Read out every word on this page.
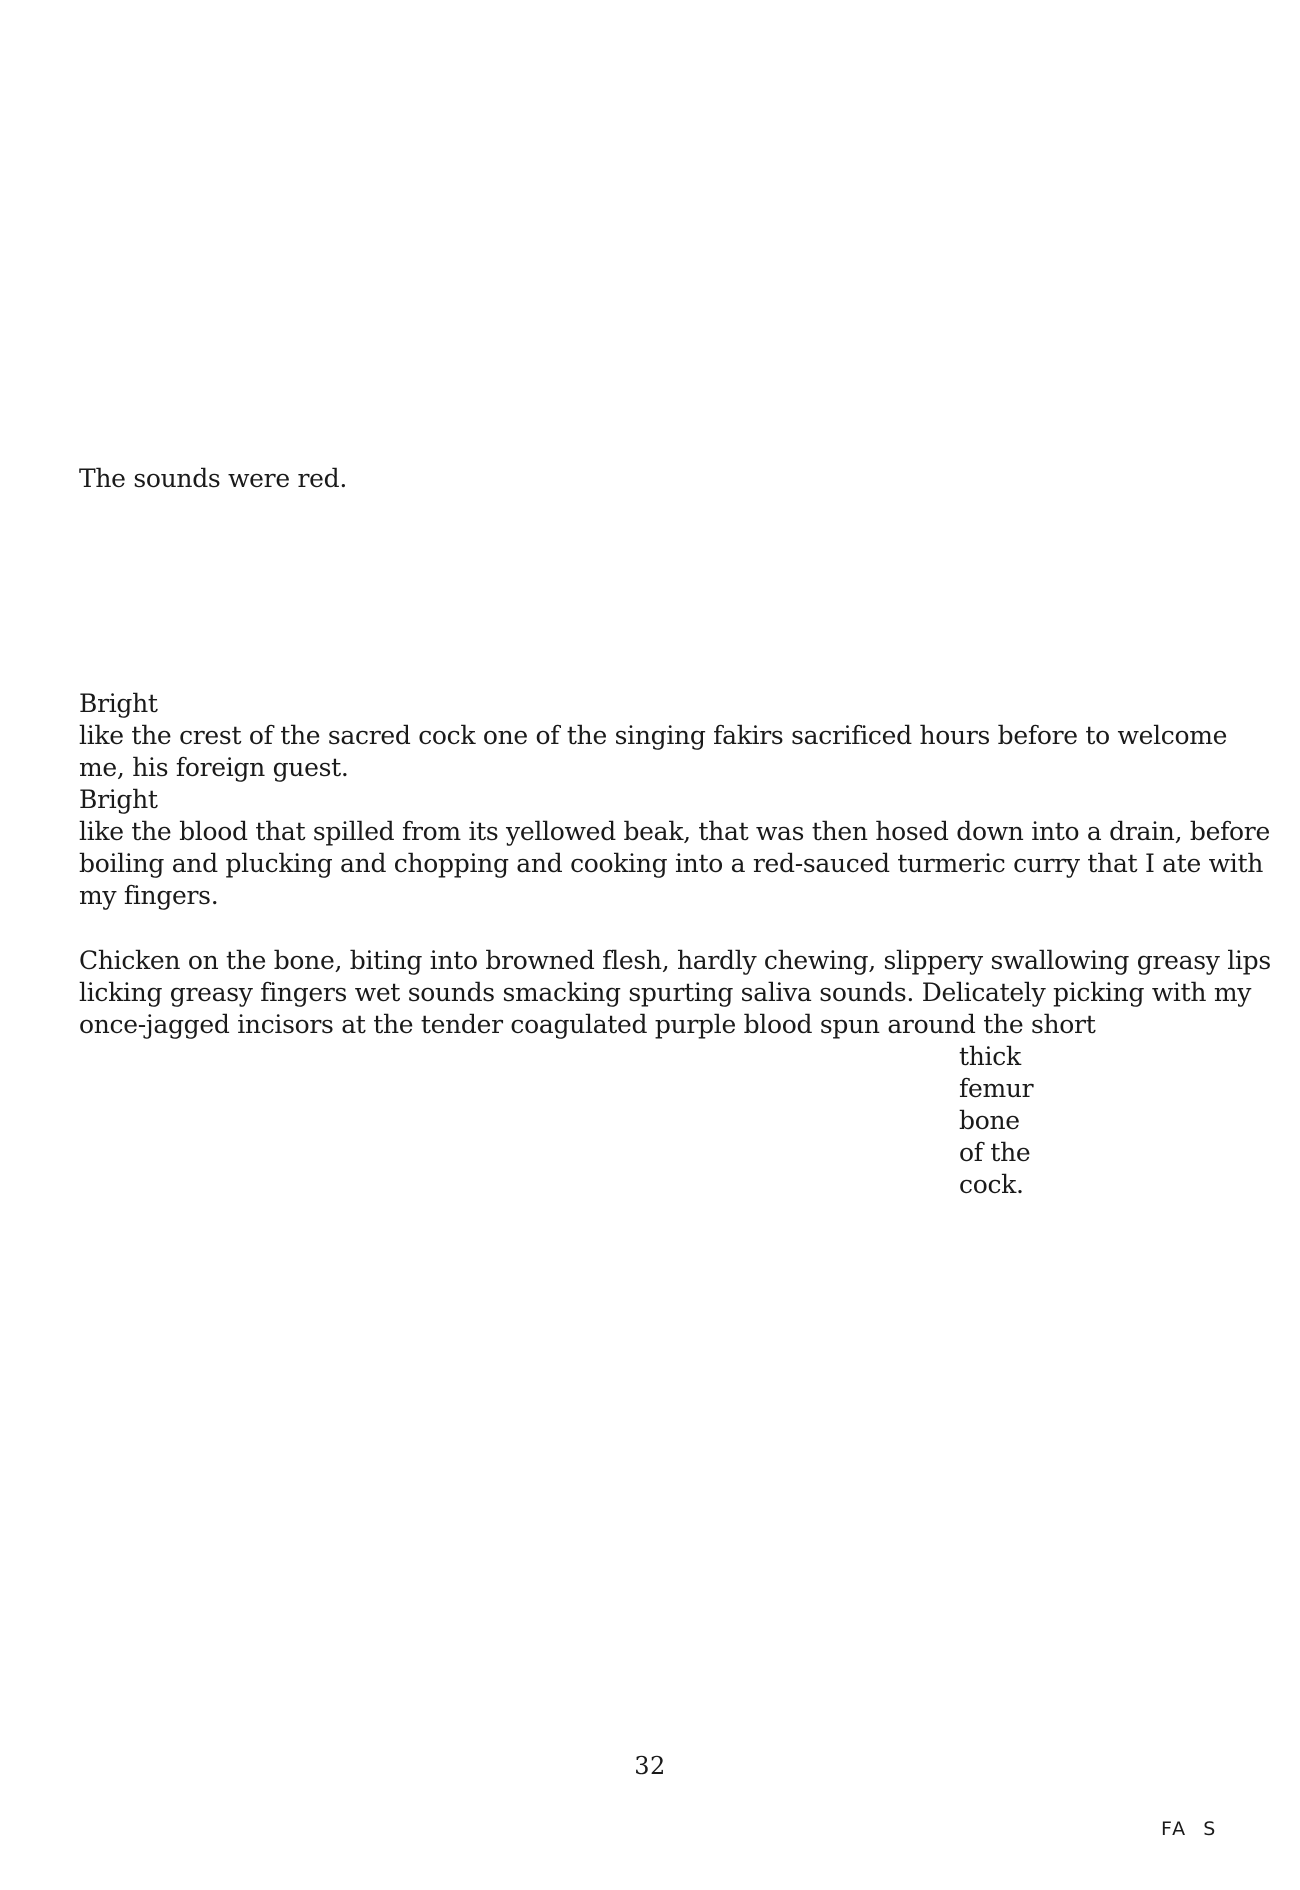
The sounds were red.
Bright
like the crest of the sacred cock one of the singing fakirs sacrificed hours before to welcome
me, his foreign guest.
Bright
like the blood that spilled from its yellowed beak, that was then hosed down into a drain, before
boiling and plucking and chopping and cooking into a red-sauced turmeric curry that I ate with
my fingers.
Chicken on the bone, biting into browned flesh, hardly chewing, slippery swallowing greasy lips
licking greasy fingers wet sounds smacking spurting saliva sounds. Delicately picking with my
once-jagged incisors at the tender coagulated purple blood spun around the short
thick
femur
bone
of the
cock.
32
FA  S
